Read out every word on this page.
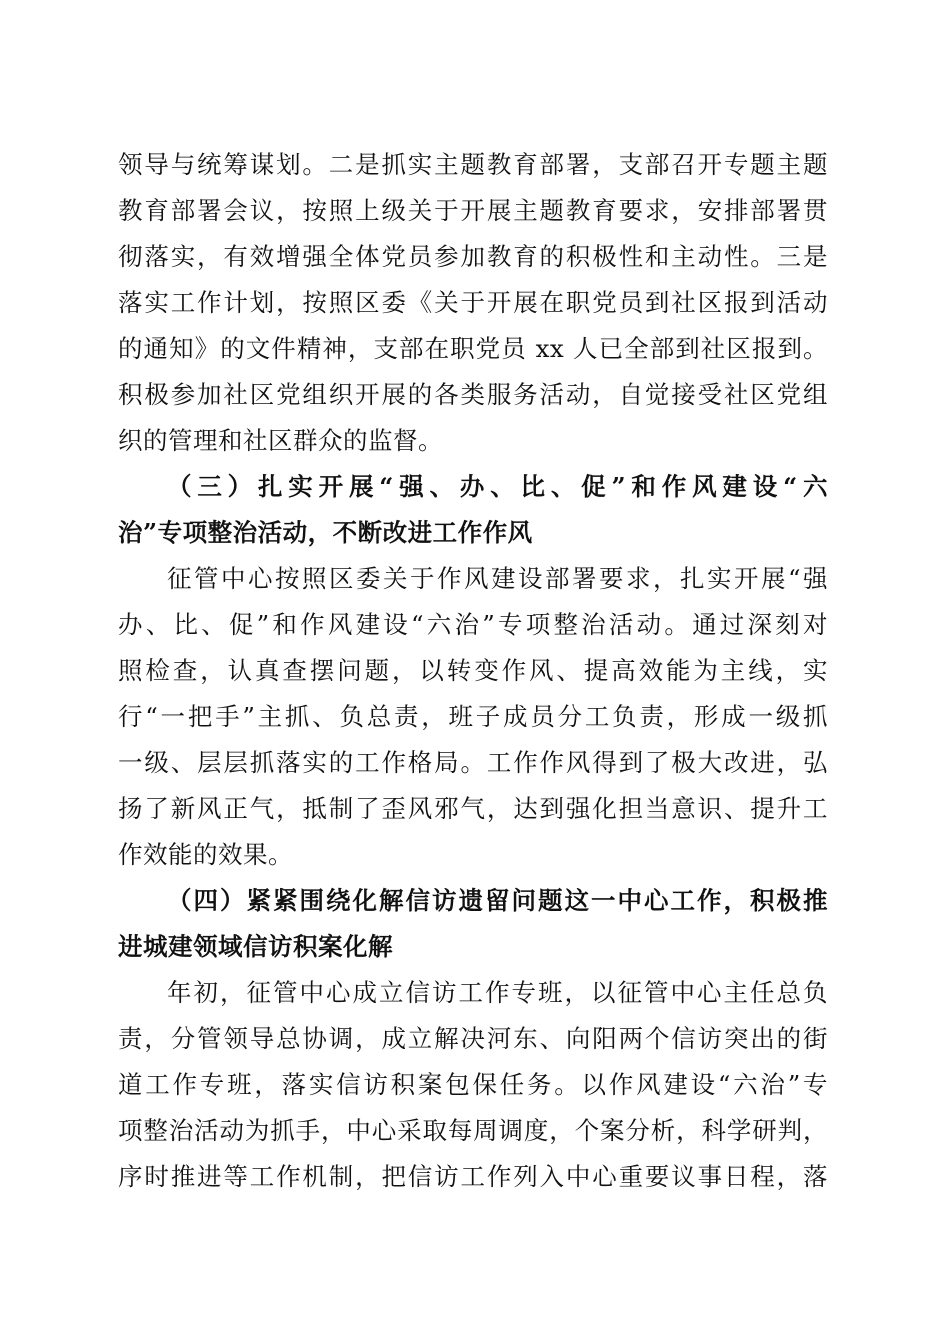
领导与统筹谋划。二是抓实主题教育部署，支部召开专题主题
教育部署会议，按照上级关于开展主题教育要求，安排部署贯
彻落实，有效增强全体党员参加教育的积极性和主动性。三是
落实工作计划，按照区委《关于开展在职党员到社区报到活动
的通知》的文件精神，支部在职党员 xx 人已全部到社区报到。
积极参加社区党组织开展的各类服务活动，自觉接受社区党组
织的管理和社区群众的监督。
（三）扎实开展“强、办、比、促”和作风建设“六
治”专项整治活动，不断改进工作作风
征管中心按照区委关于作风建设部署要求，扎实开展“强
办、比、促”和作风建设“六治”专项整治活动。通过深刻对
照检查，认真查摆问题，以转变作风、提高效能为主线，实
行“一把手”主抓、负总责，班子成员分工负责，形成一级抓
一级、层层抓落实的工作格局。工作作风得到了极大改进，弘
扬了新风正气，抵制了歪风邪气，达到强化担当意识、提升工
作效能的效果。
（四）紧紧围绕化解信访遗留问题这一中心工作，积极推
进城建领域信访积案化解
年初，征管中心成立信访工作专班，以征管中心主任总负
责，分管领导总协调，成立解决河东、向阳两个信访突出的街
道工作专班，落实信访积案包保任务。以作风建设“六治”专
项整治活动为抓手，中心采取每周调度，个案分析，科学研判，
序时推进等工作机制，把信访工作列入中心重要议事日程，落
